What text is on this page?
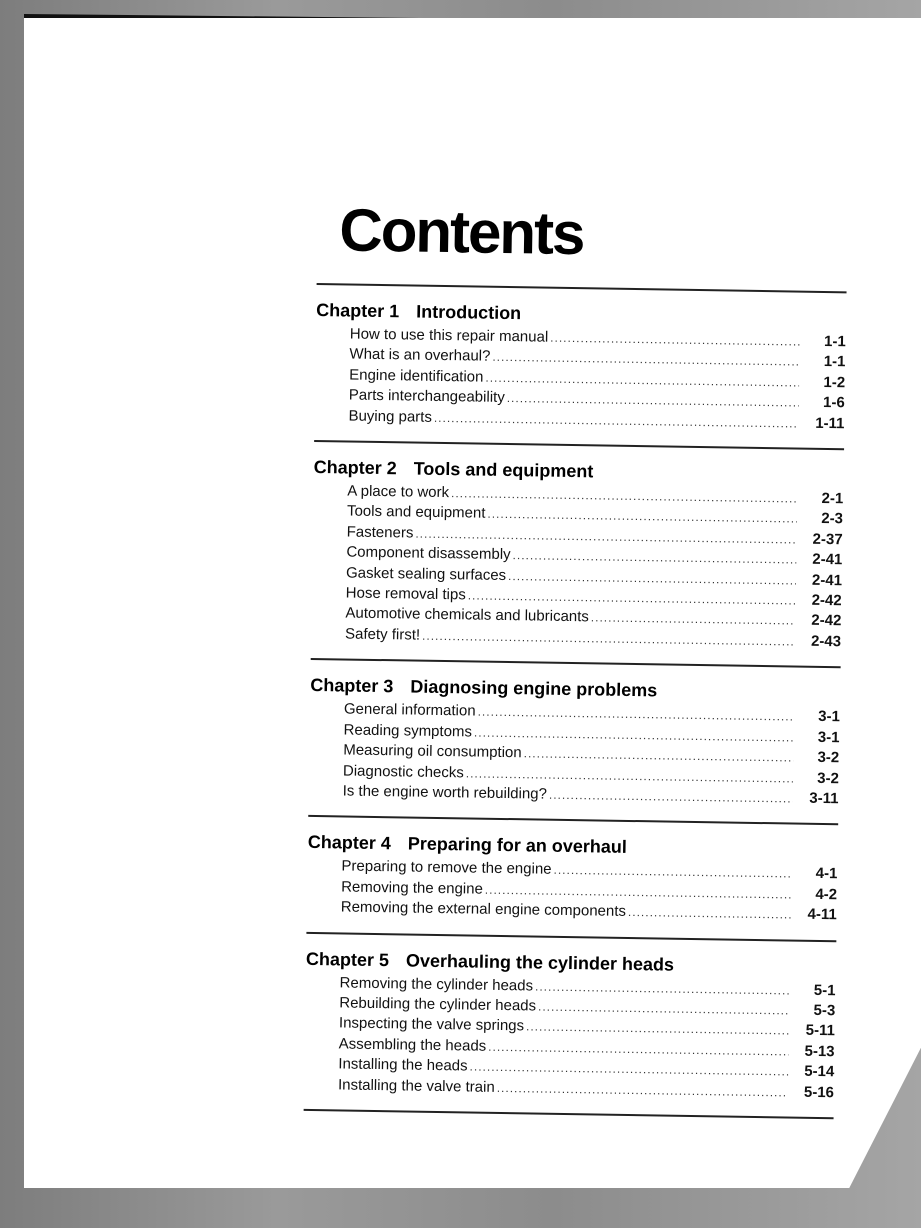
Contents
Chapter 1 Introduction
How to use this repair manual .....	1-1
What is an overhaul? .....	1-1
Engine identification .....	1-2
Parts interchangeability .....	1-6
Buying parts .....	1-11
Chapter 2 Tools and equipment
A place to work .....	2-1
Tools and equipment .....	2-3
Fasteners .....	2-37
Component disassembly .....	2-41
Gasket sealing surfaces .....	2-41
Hose removal tips .....	2-42
Automotive chemicals and lubricants .....	2-42
Safety first! .....	2-43
Chapter 3 Diagnosing engine problems
General information .....	3-1
Reading symptoms .....	3-1
Measuring oil consumption .....	3-2
Diagnostic checks .....	3-2
Is the engine worth rebuilding? .....	3-11
Chapter 4 Preparing for an overhaul
Preparing to remove the engine .....	4-1
Removing the engine .....	4-2
Removing the external engine components .....	4-11
Chapter 5 Overhauling the cylinder heads
Removing the cylinder heads .....	5-1
Rebuilding the cylinder heads .....	5-3
Inspecting the valve springs .....	5-11
Assembling the heads .....	5-13
Installing the heads .....	5-14
Installing the valve train .....	5-16
